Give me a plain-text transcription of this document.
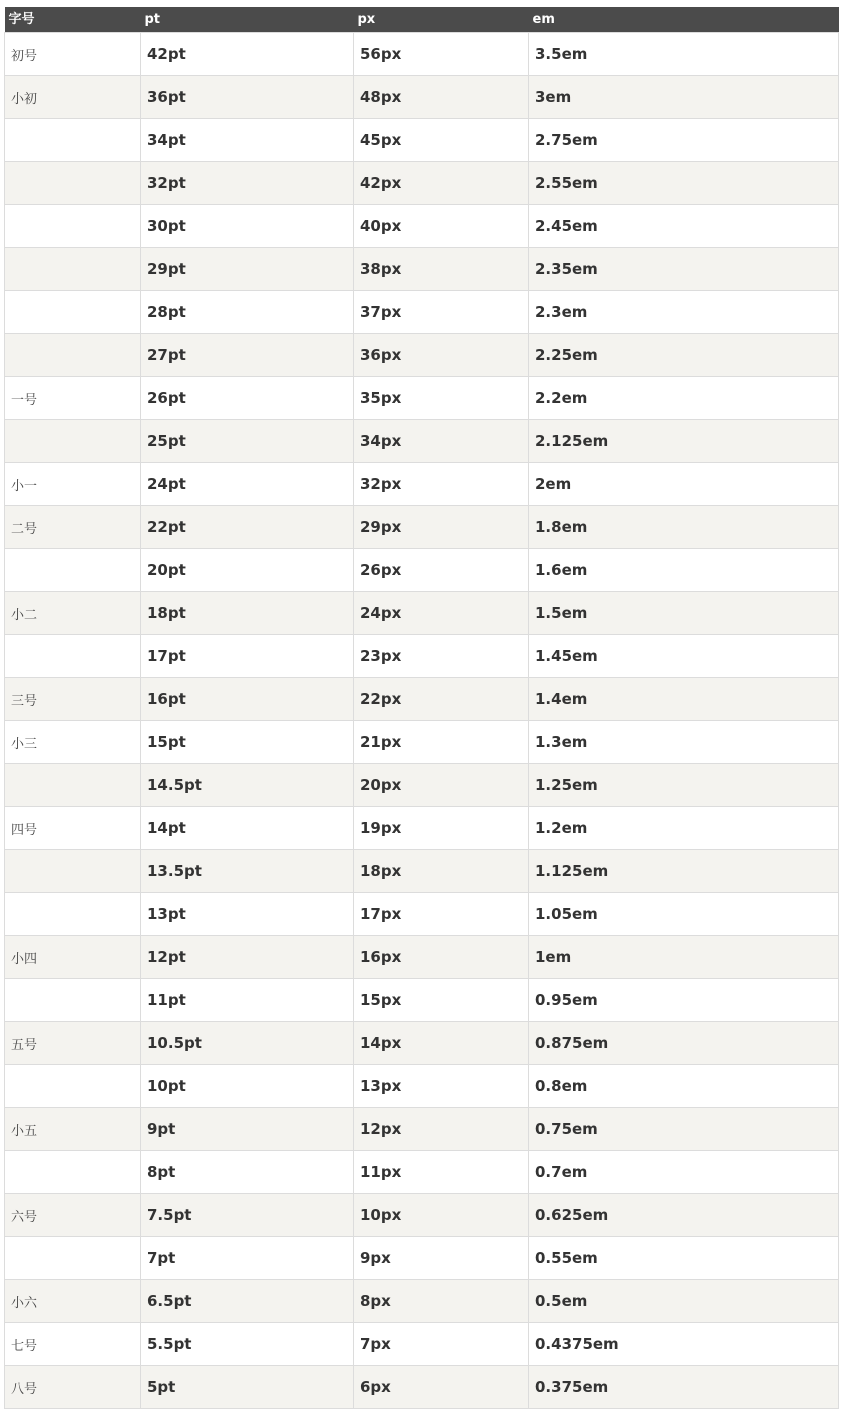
字号	pt	px	em
初号	42pt	56px	3.5em
小初	36pt	48px	3em
	34pt	45px	2.75em
	32pt	42px	2.55em
	30pt	40px	2.45em
	29pt	38px	2.35em
	28pt	37px	2.3em
	27pt	36px	2.25em
一号	26pt	35px	2.2em
	25pt	34px	2.125em
小一	24pt	32px	2em
二号	22pt	29px	1.8em
	20pt	26px	1.6em
小二	18pt	24px	1.5em
	17pt	23px	1.45em
三号	16pt	22px	1.4em
小三	15pt	21px	1.3em
	14.5pt	20px	1.25em
四号	14pt	19px	1.2em
	13.5pt	18px	1.125em
	13pt	17px	1.05em
小四	12pt	16px	1em
	11pt	15px	0.95em
五号	10.5pt	14px	0.875em
	10pt	13px	0.8em
小五	9pt	12px	0.75em
	8pt	11px	0.7em
六号	7.5pt	10px	0.625em
	7pt	9px	0.55em
小六	6.5pt	8px	0.5em
七号	5.5pt	7px	0.4375em
八号	5pt	6px	0.375em
